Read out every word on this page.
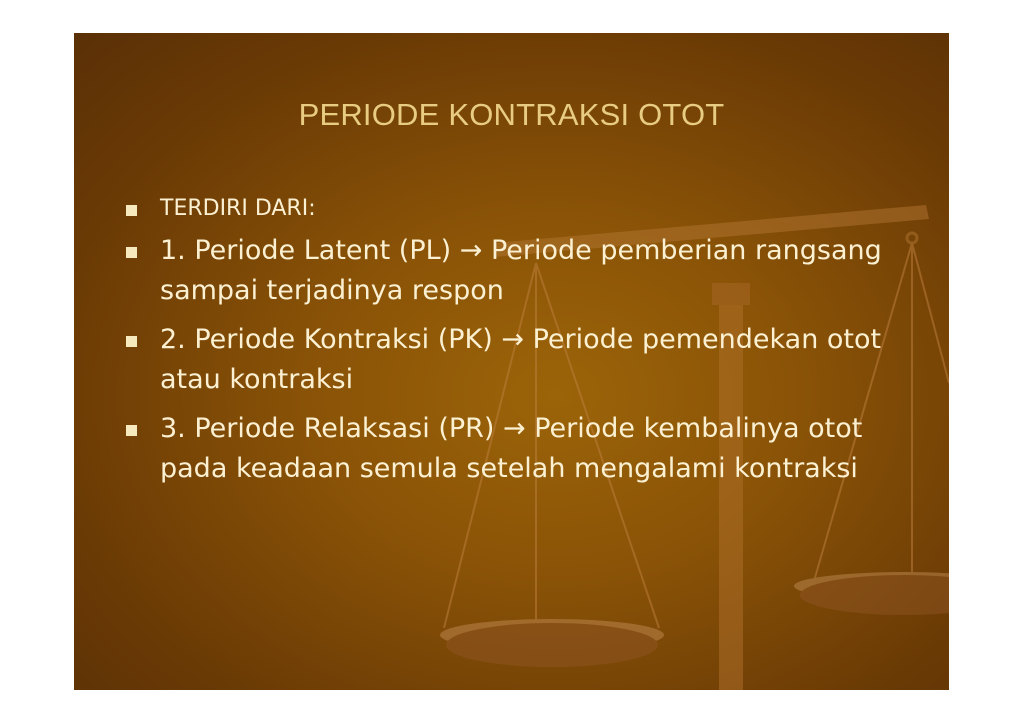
PERIODE KONTRAKSI OTOT
TERDIRI DARI:
1. Periode Latent (PL) → Periode pemberian rangsang sampai terjadinya respon
2. Periode Kontraksi (PK) → Periode pemendekan otot atau kontraksi
3. Periode Relaksasi (PR) → Periode kembalinya otot pada keadaan semula setelah mengalami kontraksi
